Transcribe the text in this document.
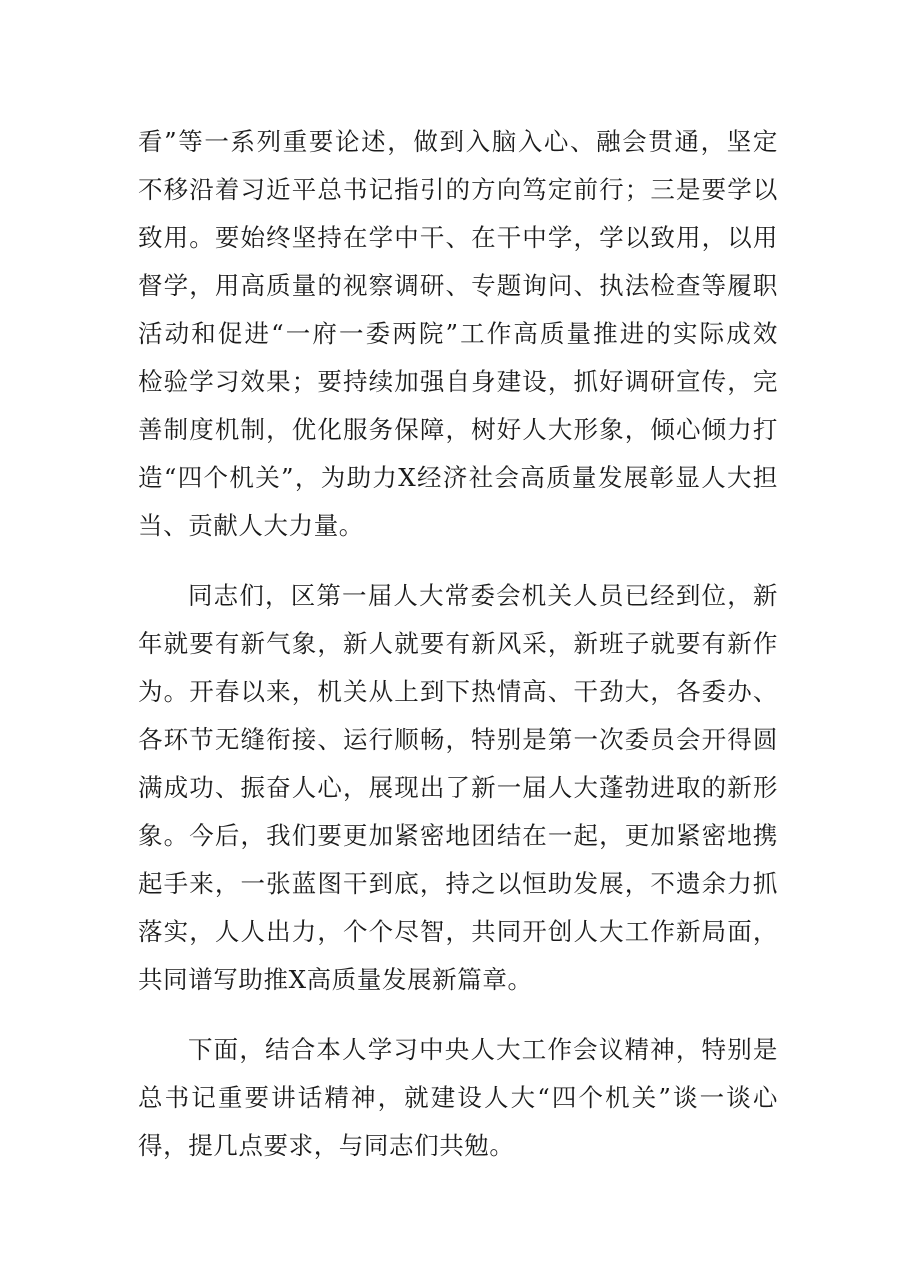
看”等一系列重要论述，做到入脑入心、融会贯通，坚定
不移沿着习近平总书记指引的方向笃定前行；三是要学以
致用。要始终坚持在学中干、在干中学，学以致用，以用
督学，用高质量的视察调研、专题询问、执法检查等履职
活动和促进“一府一委两院”工作高质量推进的实际成效
检验学习效果；要持续加强自身建设，抓好调研宣传，完
善制度机制，优化服务保障，树好人大形象，倾心倾力打
造“四个机关”，为助力X经济社会高质量发展彰显人大担
当、贡献人大力量。
同志们，区第一届人大常委会机关人员已经到位，新
年就要有新气象，新人就要有新风采，新班子就要有新作
为。开春以来，机关从上到下热情高、干劲大，各委办、
各环节无缝衔接、运行顺畅，特别是第一次委员会开得圆
满成功、振奋人心，展现出了新一届人大蓬勃进取的新形
象。今后，我们要更加紧密地团结在一起，更加紧密地携
起手来，一张蓝图干到底，持之以恒助发展，不遗余力抓
落实，人人出力，个个尽智，共同开创人大工作新局面，
共同谱写助推X高质量发展新篇章。
下面，结合本人学习中央人大工作会议精神，特别是
总书记重要讲话精神，就建设人大“四个机关”谈一谈心
得，提几点要求，与同志们共勉。
